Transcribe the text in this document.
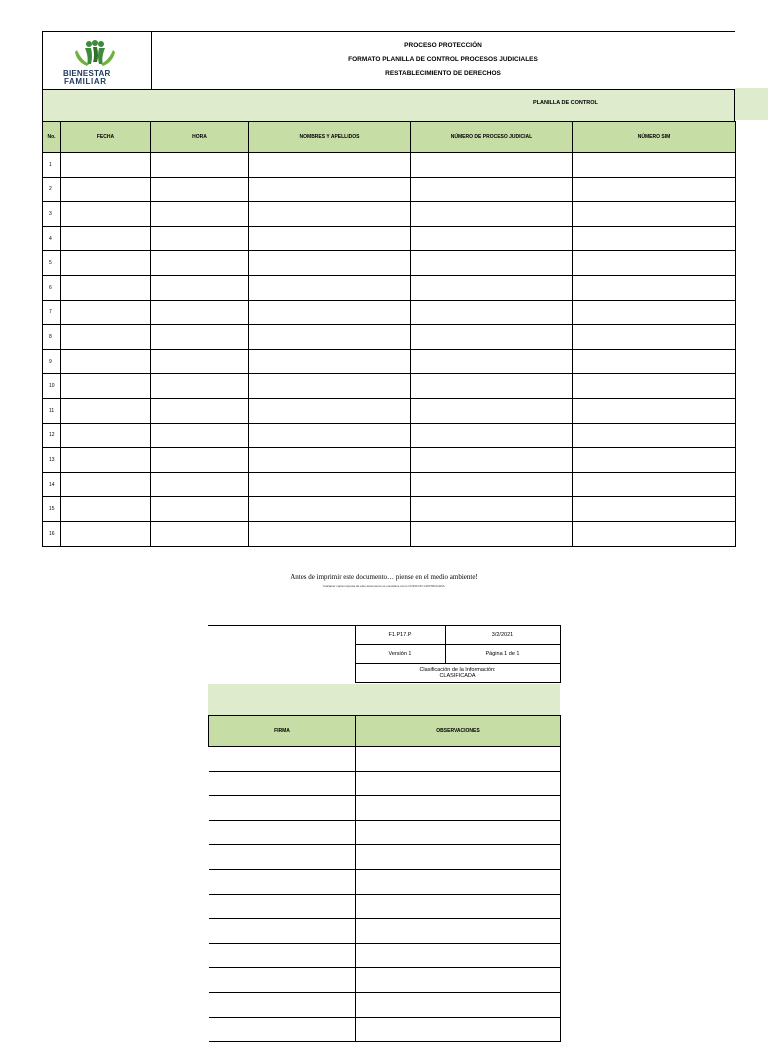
BIENESTAR
FAMILIAR
PROCESO PROTECCIÓN
FORMATO PLANILLA DE CONTROL PROCESOS JUDICIALES
RESTABLECIMIENTO DE DERECHOS
PLANILLA DE CONTROL
No.	FECHA	HORA	NOMBRES Y APELLIDOS	NÚMERO DE PROCESO JUDICIAL	NÚMERO SIM
1					
2					
3					
4					
5					
6					
7					
8					
9					
10					
11					
12					
13					
14					
15					
16					
Antes de imprimir este documento… piense en el medio ambiente!
Cualquier copia impresa de este documento se considera como COPIA NO CONTROLADA.
	F1.P17.P	3/2/2021
	Versión 1	Página 1 de 1

	Clasificación de la Información:
CLASIFICADA	
FIRMA	OBSERVACIONES
